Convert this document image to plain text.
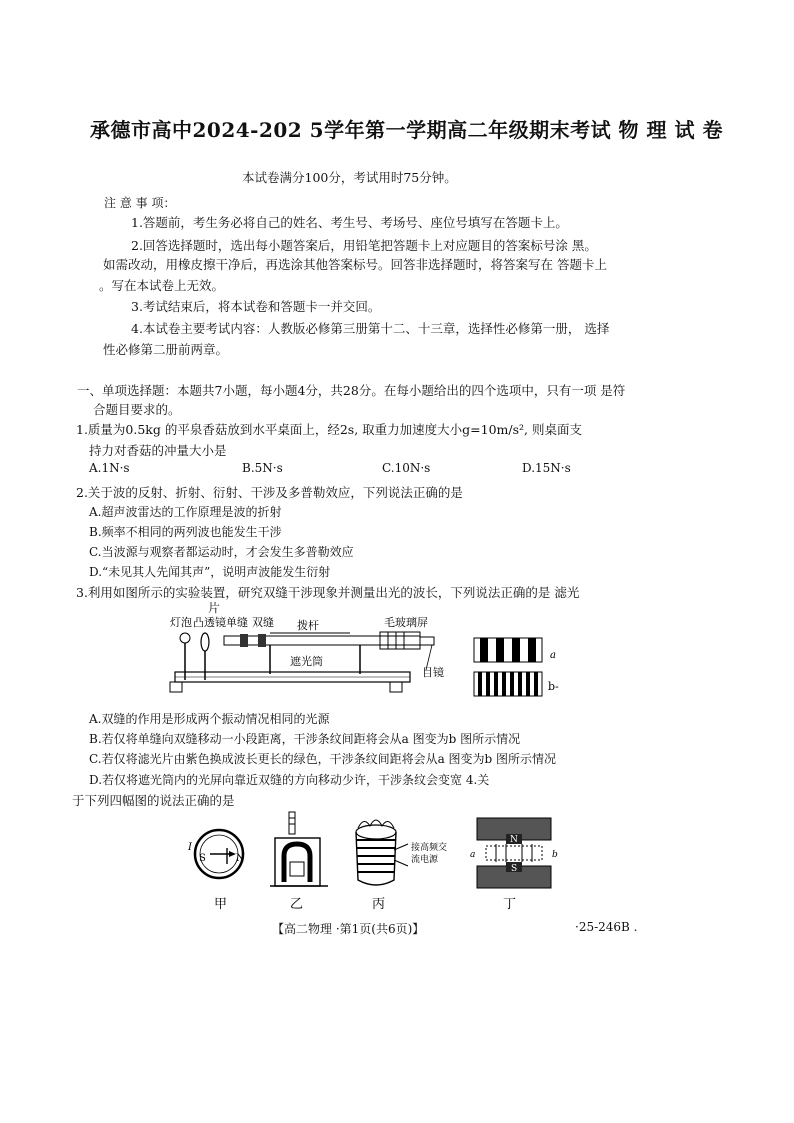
承德市高中2024-202 5学年第一学期高二年级期末考试 物 理 试 卷
本试卷满分100分，考试用时75分钟。
注 意 事 项：
1.答题前，考生务必将自己的姓名、考生号、考场号、座位号填写在答题卡上。
2.回答选择题时，选出每小题答案后，用铅笔把答题卡上对应题目的答案标号涂 黑。
如需改动，用橡皮擦干净后，再选涂其他答案标号。回答非选择题时，将答案写在 答题卡上
。写在本试卷上无效。
3.考试结束后，将本试卷和答题卡一并交回。
4.本试卷主要考试内容：人教版必修第三册第十二、十三章，选择性必修第一册， 选择
性必修第二册前两章。
一、单项选择题：本题共7小题，每小题4分，共28分。在每小题给出的四个选项中，只有一项 是符
合题目要求的。
1.质量为0.5kg 的平泉香菇放到水平桌面上，经2s, 取重力加速度大小g=10m/s², 则桌面支
持力对香菇的冲量大小是
A.1N·s	B.5N·s	C.10N·s	D.15N·s
2.关于波的反射、折射、衍射、干涉及多普勒效应，下列说法正确的是
A.超声波雷达的工作原理是波的折射
B.频率不相同的两列波也能发生干涉
C.当波源与观察者都运动时，才会发生多普勒效应
D.“未见其人先闻其声”，说明声波能发生衍射
3.利用如图所示的实验装置，研究双缝干涉现象并测量出光的波长，下列说法正确的是 滤光
片
灯泡 凸透镜 单缝 双缝 拨杆	毛玻璃屏
遮光筒
目镜
a
b-
A.双缝的作用是形成两个振动情况相同的光源
B.若仅将单缝向双缝移动一小段距离，干涉条纹间距将会从a 图变为b 图所示情况
C.若仅将滤光片由紫色换成波长更长的绿色，干涉条纹间距将会从a 图变为b 图所示情况
D.若仅将遮光筒内的光屏向靠近双缝的方向移动少许，干涉条纹会变宽 4.关
于下列四幅图的说法正确的是
I
S	N
甲	乙
接高频交
流电源
丙
N
S
a	b
丁
【高二物理 ·第1页(共6页)】	·25-246B .
